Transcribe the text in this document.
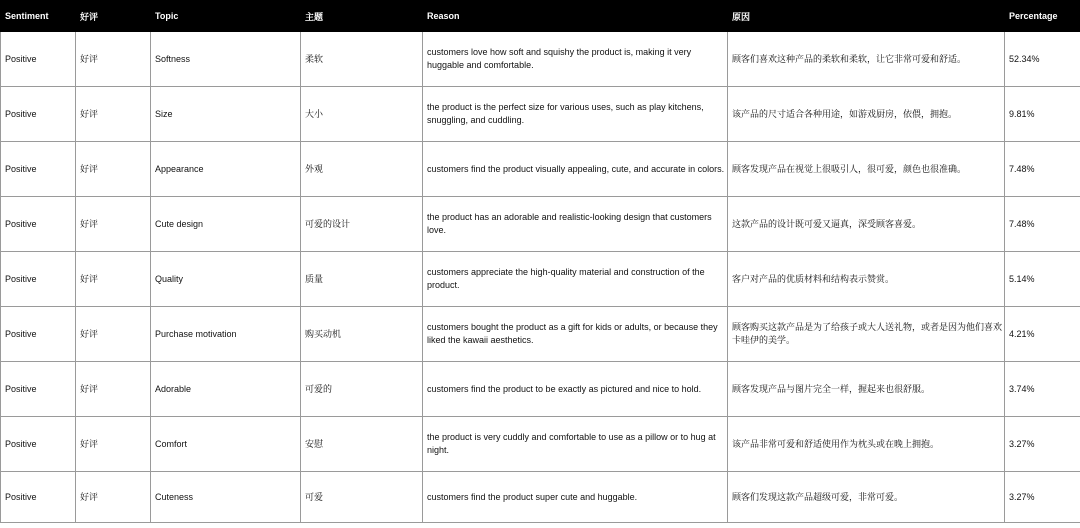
Sentiment	好评	Topic	主题	Reason	原因	Percentage
Positive	好评	Softness	柔软	customers love how soft and squishy the product is, making it very huggable and comfortable.	顾客们喜欢这种产品的柔软和柔软，让它非常可爱和舒适。	52.34%
Positive	好评	Size	大小	the product is the perfect size for various uses, such as play kitchens, snuggling, and cuddling.	该产品的尺寸适合各种用途，如游戏厨房，依偎，拥抱。	9.81%
Positive	好评	Appearance	外观	customers find the product visually appealing, cute, and accurate in colors.	顾客发现产品在视觉上很吸引人，很可爱，颜色也很准确。	7.48%
Positive	好评	Cute design	可爱的设计	the product has an adorable and realistic-looking design that customers love.	这款产品的设计既可爱又逼真，深受顾客喜爱。	7.48%
Positive	好评	Quality	质量	customers appreciate the high-quality material and construction of the product.	客户对产品的优质材料和结构表示赞赏。	5.14%
Positive	好评	Purchase motivation	购买动机	customers bought the product as a gift for kids or adults, or because they liked the kawaii aesthetics.	顾客购买这款产品是为了给孩子或大人送礼物，或者是因为他们喜欢卡哇伊的美学。	4.21%
Positive	好评	Adorable	可爱的	customers find the product to be exactly as pictured and nice to hold.	顾客发现产品与图片完全一样，握起来也很舒服。	3.74%
Positive	好评	Comfort	安慰	the product is very cuddly and comfortable to use as a pillow or to hug at night.	该产品非常可爱和舒适使用作为枕头或在晚上拥抱。	3.27%
Positive	好评	Cuteness	可爱	customers find the product super cute and huggable.	顾客们发现这款产品超级可爱，非常可爱。	3.27%
